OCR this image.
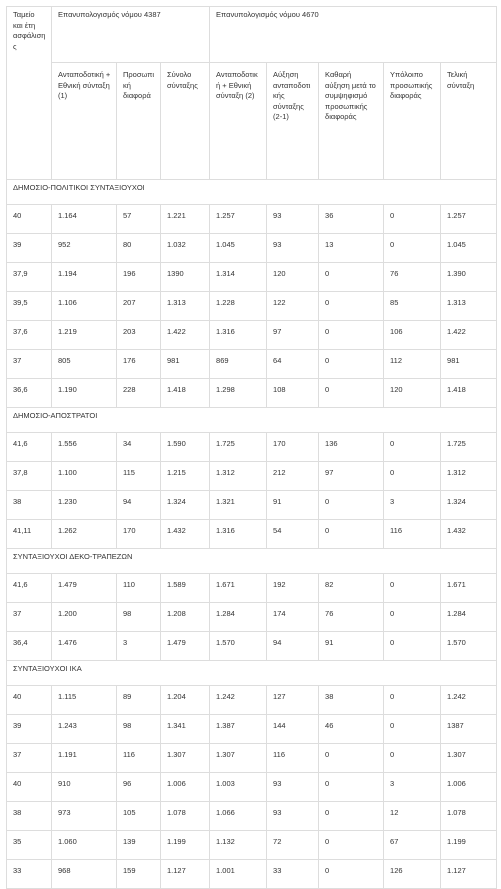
Ταμείο και έτη ασφάλισης	Επανυπολογισμός νόμου 4387			Επανυπολογισμός νόμου 4670				
	Ανταποδοτική + Εθνική σύνταξη (1)	Προσωπική διαφορά	Σύνολο σύνταξης	Ανταποδοτική + Εθνική σύνταξη (2)	Αύξηση ανταποδοτικής σύνταξης (2-1)	Καθαρή αύξηση μετά το συμψηφισμό προσωπικής διαφοράς	Υπόλοιπο προσωπικής διαφοράς	Τελική σύνταξη
ΔΗΜΟΣΙΟ-ΠΟΛΙΤΙΚΟΙ ΣΥΝΤΑΞΙΟΥΧΟΙ								
40	1.164	57	1.221	1.257	93	36	0	1.257
39	952	80	1.032	1.045	93	13	0	1.045
37,9	1.194	196	1390	1.314	120	0	76	1.390
39,5	1.106	207	1.313	1.228	122	0	85	1.313
37,6	1.219	203	1.422	1.316	97	0	106	1.422
37	805	176	981	869	64	0	112	981
36,6	1.190	228	1.418	1.298	108	0	120	1.418
ΔΗΜΟΣΙΟ-ΑΠΟΣΤΡΑΤΟΙ								
41,6	1.556	34	1.590	1.725	170	136	0	1.725
37,8	1.100	115	1.215	1.312	212	97	0	1.312
38	1.230	94	1.324	1.321	91	0	3	1.324
41,11	1.262	170	1.432	1.316	54	0	116	1.432
ΣΥΝΤΑΞΙΟΥΧΟΙ ΔΕΚΟ-ΤΡΑΠΕΖΩΝ								
41,6	1.479	110	1.589	1.671	192	82	0	1.671
37	1.200	98	1.208	1.284	174	76	0	1.284
36,4	1.476	3	1.479	1.570	94	91	0	1.570
ΣΥΝΤΑΞΙΟΥΧΟΙ ΙΚΑ								
40	1.115	89	1.204	1.242	127	38	0	1.242
39	1.243	98	1.341	1.387	144	46	0	1387
37	1.191	116	1.307	1.307	116	0	0	1.307
40	910	96	1.006	1.003	93	0	3	1.006
38	973	105	1.078	1.066	93	0	12	1.078
35	1.060	139	1.199	1.132	72	0	67	1.199
33	968	159	1.127	1.001	33	0	126	1.127
